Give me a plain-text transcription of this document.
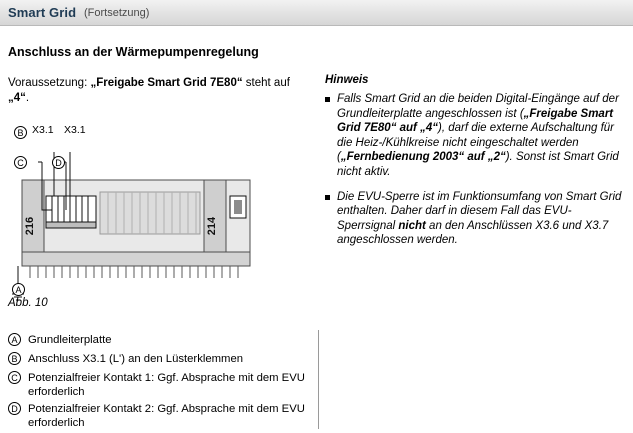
Smart Grid (Fortsetzung)
Anschluss an der Wärmepumpenregelung
Voraussetzung: „Freigabe Smart Grid 7E80“ steht auf „4“.
Hinweis
Falls Smart Grid an die beiden Digital-Eingänge auf der Grundleiterplatte angeschlossen ist („Freigabe Smart Grid 7E80“ auf „4“), darf die externe Aufschaltung für die Heiz-/Kühlkreise nicht eingeschaltet werden („Fernbedienung 2003“ auf „2“). Sonst ist Smart Grid nicht aktiv.
Die EVU-Sperre ist im Funktionsumfang von Smart Grid enthalten. Daher darf in diesem Fall das EVU-Sperrsignal nicht an den Anschlüssen X3.6 und X3.7 angeschlossen werden.
216	214
B
C	D
A
X3.1 X3.1
Abb. 10
A Grundleiterplatte
B Anschluss X3.1 (L') an den Lüsterklemmen
C Potenzialfreier Kontakt 1: Ggf. Absprache mit dem EVU erforderlich
D Potenzialfreier Kontakt 2: Ggf. Absprache mit dem EVU erforderlich
